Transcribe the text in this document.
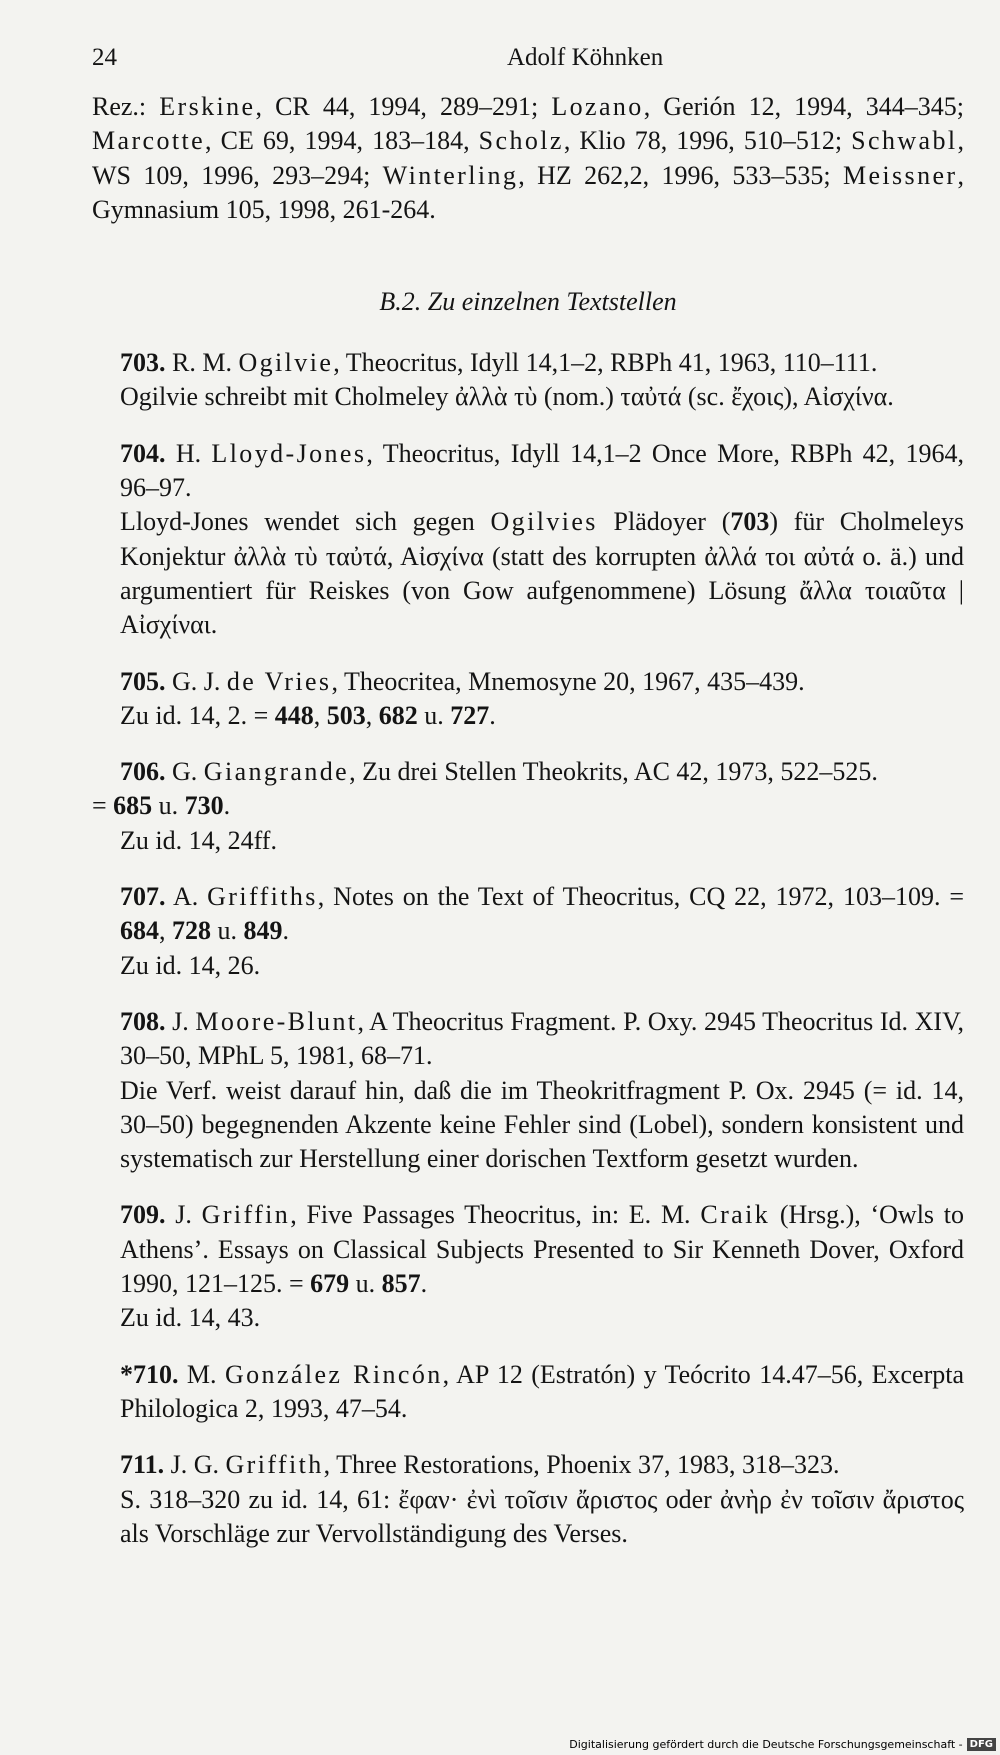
24	Adolf Köhnken

Rez.: Erskine, CR 44, 1994, 289–291; Lozano, Gerión 12, 1994, 344–345; Marcotte, CE 69, 1994, 183–184, Scholz, Klio 78, 1996, 510–512; Schwabl, WS 109, 1996, 293–294; Winterling, HZ 262,2, 1996, 533–535; Meissner, Gymnasium 105, 1998, 261-264.

B.2. Zu einzelnen Textstellen

703. R. M. Ogilvie, Theocritus, Idyll 14,1–2, RBPh 41, 1963, 110–111.

Ogilvie schreibt mit Cholmeley ἀλλὰ τὺ (nom.) ταὐτά (sc. ἔχοις), Αἰσχίνα.

704. H. Lloyd-Jones, Theocritus, Idyll 14,1–2 Once More, RBPh 42, 1964, 96–97.

Lloyd-Jones wendet sich gegen Ogilvies Plädoyer (703) für Cholmeleys Konjektur ἀλλὰ τὺ ταὐτά, Αἰσχίνα (statt des korrupten ἀλλά τοι αὐτά o. ä.) und argumentiert für Reiskes (von Gow aufgenommene) Lösung ἄλλα τοιαῦτα | Αἰσχίναι.

705. G. J. de Vries, Theocritea, Mnemosyne 20, 1967, 435–439.

Zu id. 14, 2. = 448, 503, 682 u. 727.

706. G. Giangrande, Zu drei Stellen Theokrits, AC 42, 1973, 522–525.

= 685 u. 730.

Zu id. 14, 24ff.

707. A. Griffiths, Notes on the Text of Theocritus, CQ 22, 1972, 103–109. = 684, 728 u. 849.

Zu id. 14, 26.

708. J. Moore-Blunt, A Theocritus Fragment. P. Oxy. 2945 Theocritus Id. XIV, 30–50, MPhL 5, 1981, 68–71.

Die Verf. weist darauf hin, daß die im Theokritfragment P. Ox. 2945 (= id. 14, 30–50) begegnenden Akzente keine Fehler sind (Lobel), sondern konsistent und systematisch zur Herstellung einer dorischen Textform gesetzt wurden.

709. J. Griffin, Five Passages Theocritus, in: E. M. Craik (Hrsg.), ‘Owls to Athens’. Essays on Classical Subjects Presented to Sir Kenneth Dover, Oxford 1990, 121–125. = 679 u. 857.

Zu id. 14, 43.

*710. M. González Rincón, AP 12 (Estratón) y Teócrito 14.47–56, Excerpta Philologica 2, 1993, 47–54.

711. J. G. Griffith, Three Restorations, Phoenix 37, 1983, 318–323.

S. 318–320 zu id. 14, 61: ἔφαν· ἐνὶ τοῖσιν ἄριστος oder ἀνὴρ ἐν τοῖσιν ἄριστος als Vorschläge zur Vervollständigung des Verses.

Digitalisierung gefördert durch die Deutsche Forschungsgemeinschaft - DFG
